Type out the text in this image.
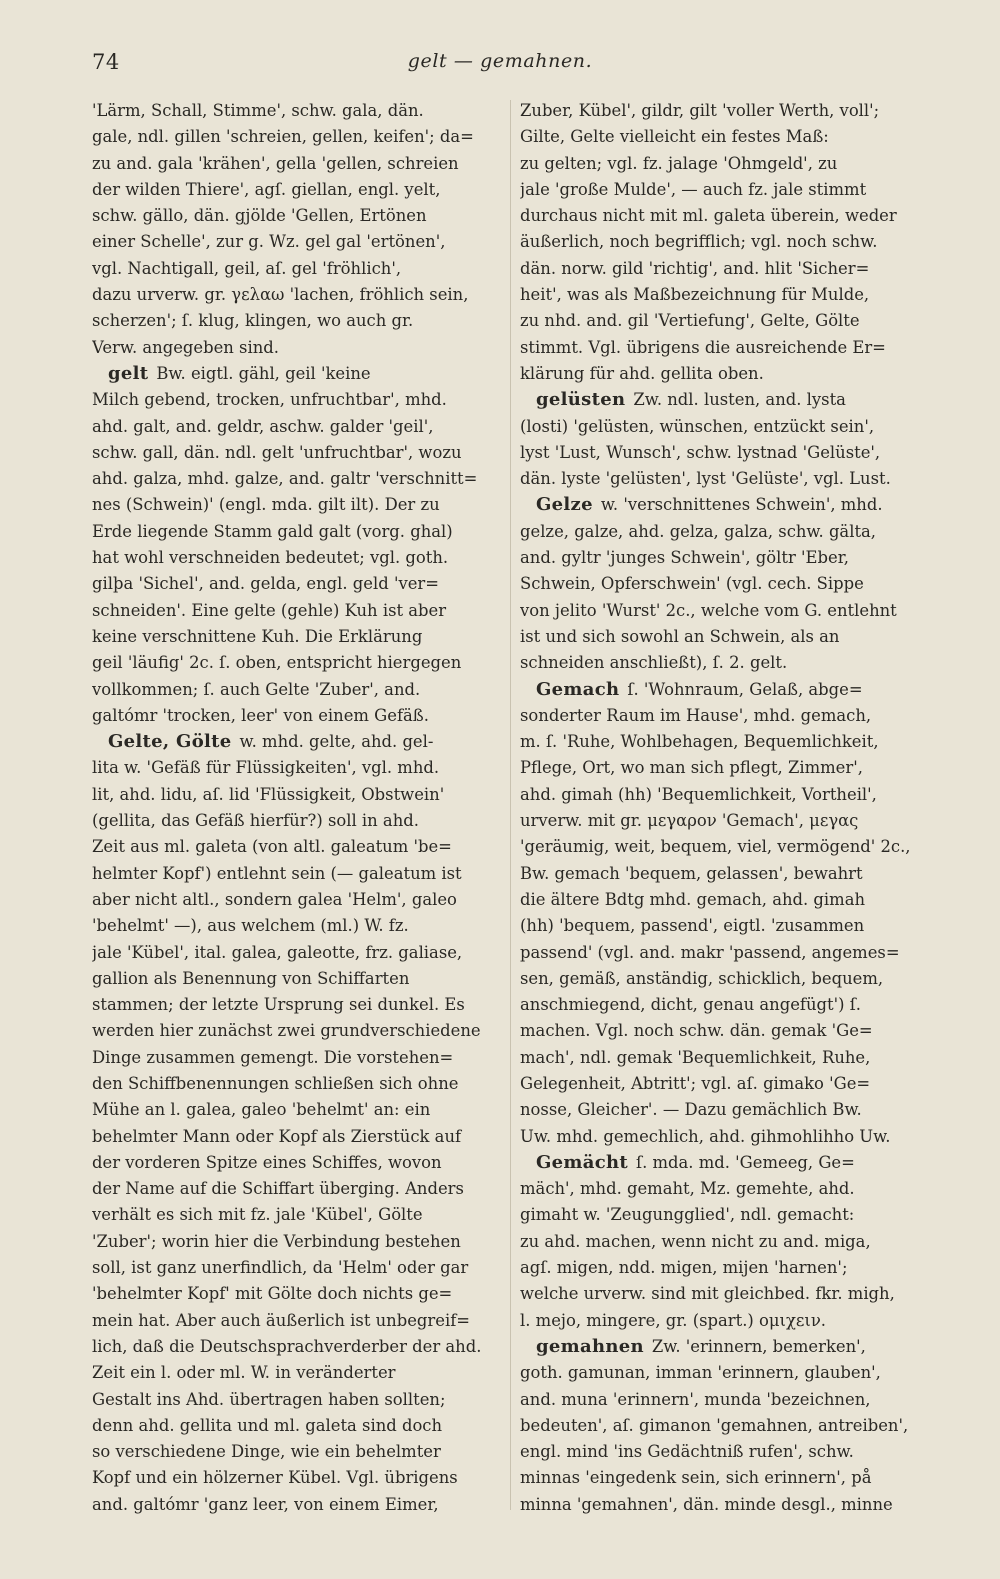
74	gelt — gemahnen.
'Lärm, Schall, Stimme', schw. gala, dän.
gale, ndl. gillen 'schreien, gellen, keifen'; da=
zu and. gala 'krähen', gella 'gellen, schreien
der wilden Thiere', agſ. giellan, engl. yelt,
schw. gällo, dän. gjölde 'Gellen, Ertönen
einer Schelle', zur g. Wz. gel gal 'ertönen',
vgl. Nachtigall, geil, aſ. gel 'fröhlich',
dazu urverw. gr. γελαω 'lachen, fröhlich sein,
scherzen'; ſ. klug, klingen, wo auch gr.
Verw. angegeben sind.
gelt Bw. eigtl. gähl, geil 'keine
Milch gebend, trocken, unfruchtbar', mhd.
ahd. galt, and. geldr, aschw. galder 'geil',
schw. gall, dän. ndl. gelt 'unfruchtbar', wozu
ahd. galza, mhd. galze, and. galtr 'verschnitt=
nes (Schwein)' (engl. mda. gilt ilt). Der zu
Erde liegende Stamm gald galt (vorg. ghal)
hat wohl verschneiden bedeutet; vgl. goth.
gilþa 'Sichel', and. gelda, engl. geld 'ver=
schneiden'. Eine gelte (gehle) Kuh ist aber
keine verschnittene Kuh. Die Erklärung
geil 'läufig' 2c. ſ. oben, entspricht hiergegen
vollkommen; ſ. auch Gelte 'Zuber', and.
galtómr 'trocken, leer' von einem Gefäß.
Gelte, Gölte w. mhd. gelte, ahd. gel-
lita w. 'Gefäß für Flüssigkeiten', vgl. mhd.
lit, ahd. lidu, aſ. lid 'Flüssigkeit, Obstwein'
(gellita, das Gefäß hierfür?) soll in ahd.
Zeit aus ml. galeta (von altl. galeatum 'be=
helmter Kopf') entlehnt sein (— galeatum ist
aber nicht altl., sondern galea 'Helm', galeo
'behelmt' —), aus welchem (ml.) W. fz.
jale 'Kübel', ital. galea, galeotte, frz. galiase,
gallion als Benennung von Schiffarten
stammen; der letzte Ursprung sei dunkel. Es
werden hier zunächst zwei grundverschiedene
Dinge zusammen gemengt. Die vorstehen=
den Schiffbenennungen schließen sich ohne
Mühe an l. galea, galeo 'behelmt' an: ein
behelmter Mann oder Kopf als Zierstück auf
der vorderen Spitze eines Schiffes, wovon
der Name auf die Schiffart überging. Anders
verhält es sich mit fz. jale 'Kübel', Gölte
'Zuber'; worin hier die Verbindung bestehen
soll, ist ganz unerfindlich, da 'Helm' oder gar
'behelmter Kopf' mit Gölte doch nichts ge=
mein hat. Aber auch äußerlich ist unbegreif=
lich, daß die Deutschsprachverderber der ahd.
Zeit ein l. oder ml. W. in veränderter
Gestalt ins Ahd. übertragen haben sollten;
denn ahd. gellita und ml. galeta sind doch
so verschiedene Dinge, wie ein behelmter
Kopf und ein hölzerner Kübel. Vgl. übrigens
and. galtómr 'ganz leer, von einem Eimer,
Zuber, Kübel', gildr, gilt 'voller Werth, voll';
Gilte, Gelte vielleicht ein festes Maß:
zu gelten; vgl. fz. jalage 'Ohmgeld', zu
jale 'große Mulde', — auch fz. jale stimmt
durchaus nicht mit ml. galeta überein, weder
äußerlich, noch begrifflich; vgl. noch schw.
dän. norw. gild 'richtig', and. hlit 'Sicher=
heit', was als Maßbezeichnung für Mulde,
zu nhd. and. gil 'Vertiefung', Gelte, Gölte
stimmt. Vgl. übrigens die ausreichende Er=
klärung für ahd. gellita oben.
gelüsten Zw. ndl. lusten, and. lysta
(losti) 'gelüsten, wünschen, entzückt sein',
lyst 'Lust, Wunsch', schw. lystnad 'Gelüste',
dän. lyste 'gelüsten', lyst 'Gelüste', vgl. Lust.
Gelze w. 'verschnittenes Schwein', mhd.
gelze, galze, ahd. gelza, galza, schw. gälta,
and. gyltr 'junges Schwein', göltr 'Eber,
Schwein, Opferschwein' (vgl. cech. Sippe
von jelito 'Wurst' 2c., welche vom G. entlehnt
ist und sich sowohl an Schwein, als an
schneiden anschließt), ſ. 2. gelt.
Gemach ſ. 'Wohnraum, Gelaß, abge=
sonderter Raum im Hause', mhd. gemach,
m. ſ. 'Ruhe, Wohlbehagen, Bequemlichkeit,
Pflege, Ort, wo man sich pflegt, Zimmer',
ahd. gimah (hh) 'Bequemlichkeit, Vortheil',
urverw. mit gr. μεγαρον 'Gemach', μεγας
'geräumig, weit, bequem, viel, vermögend' 2c.,
Bw. gemach 'bequem, gelassen', bewahrt
die ältere Bdtg mhd. gemach, ahd. gimah
(hh) 'bequem, passend', eigtl. 'zusammen
passend' (vgl. and. makr 'passend, angemes=
sen, gemäß, anständig, schicklich, bequem,
anschmiegend, dicht, genau angefügt') ſ.
machen. Vgl. noch schw. dän. gemak 'Ge=
mach', ndl. gemak 'Bequemlichkeit, Ruhe,
Gelegenheit, Abtritt'; vgl. aſ. gimako 'Ge=
nosse, Gleicher'. — Dazu gemächlich Bw.
Uw. mhd. gemechlich, ahd. gihmohlihho Uw.
Gemächt ſ. mda. md. 'Gemeeg, Ge=
mäch', mhd. gemaht, Mz. gemehte, ahd.
gimaht w. 'Zeugungglied', ndl. gemacht:
zu ahd. machen, wenn nicht zu and. miga,
agſ. migen, ndd. migen, mijen 'harnen';
welche urverw. sind mit gleichbed. fkr. migh,
l. mejo, mingere, gr. (spart.) ομιχειν.
gemahnen Zw. 'erinnern, bemerken',
goth. gamunan, imman 'erinnern, glauben',
and. muna 'erinnern', munda 'bezeichnen,
bedeuten', aſ. gimanon 'gemahnen, antreiben',
engl. mind 'ins Gedächtniß rufen', schw.
minnas 'eingedenk sein, sich erinnern', på
minna 'gemahnen', dän. minde desgl., minne
